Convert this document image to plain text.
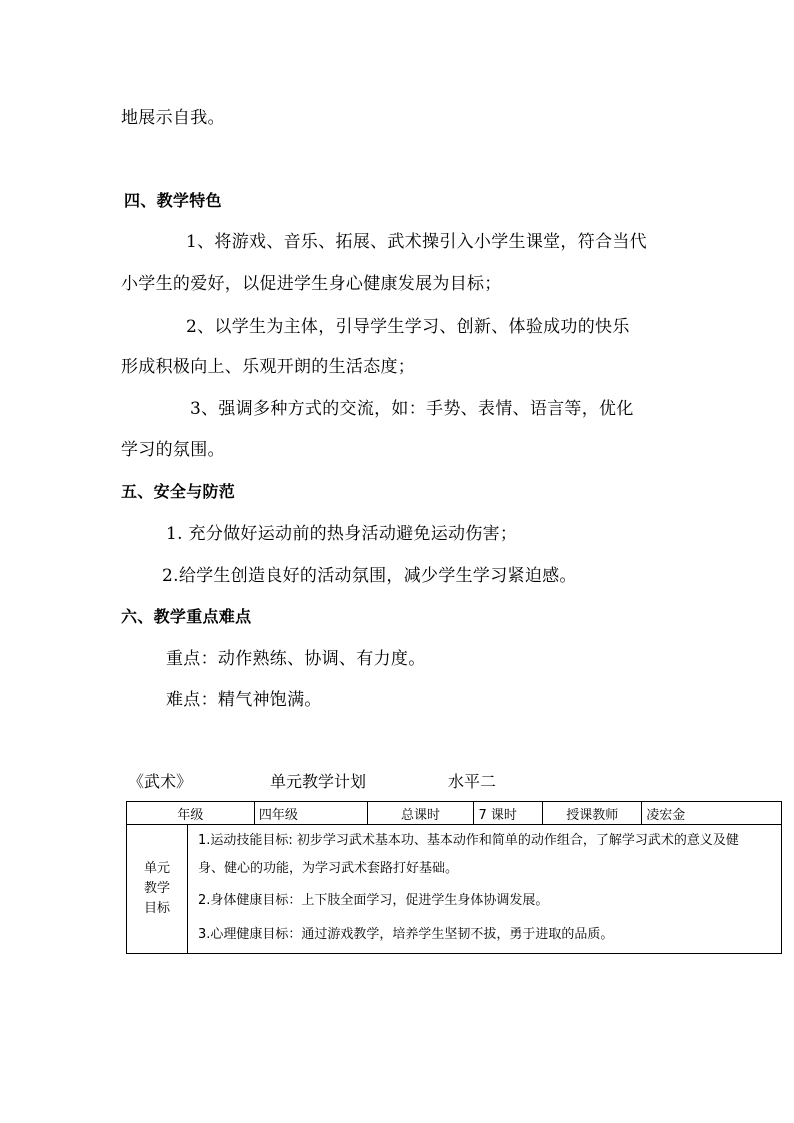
地展示自我。
四、教学特色
1、将游戏、音乐、拓展、武术操引入小学生课堂，符合当代
小学生的爱好，以促进学生身心健康发展为目标；
2、以学生为主体，引导学生学习、创新、体验成功的快乐
形成积极向上、乐观开朗的生活态度；
3、强调多种方式的交流，如：手势、表情、语言等，优化
学习的氛围。
五、安全与防范
1. 充分做好运动前的热身活动避免运动伤害；
2.给学生创造良好的活动氛围，减少学生学习紧迫感。
六、教学重点难点
重点：动作熟练、协调、有力度。
难点：精气神饱满。
《武术》	单元教学计划	水平二
年级		四年级	总课时	7 课时	授课教师	凌宏金
单元教学目标	1.运动技能目标: 初步学习武术基本功、基本动作和简单的动作组合，了解学习武术的意义及健
身、健心的功能，为学习武术套路打好基础。
2.身体健康目标：上下肢全面学习，促进学生身体协调发展。
3.心理健康目标：通过游戏教学，培养学生坚韧不拔，勇于进取的品质。					
